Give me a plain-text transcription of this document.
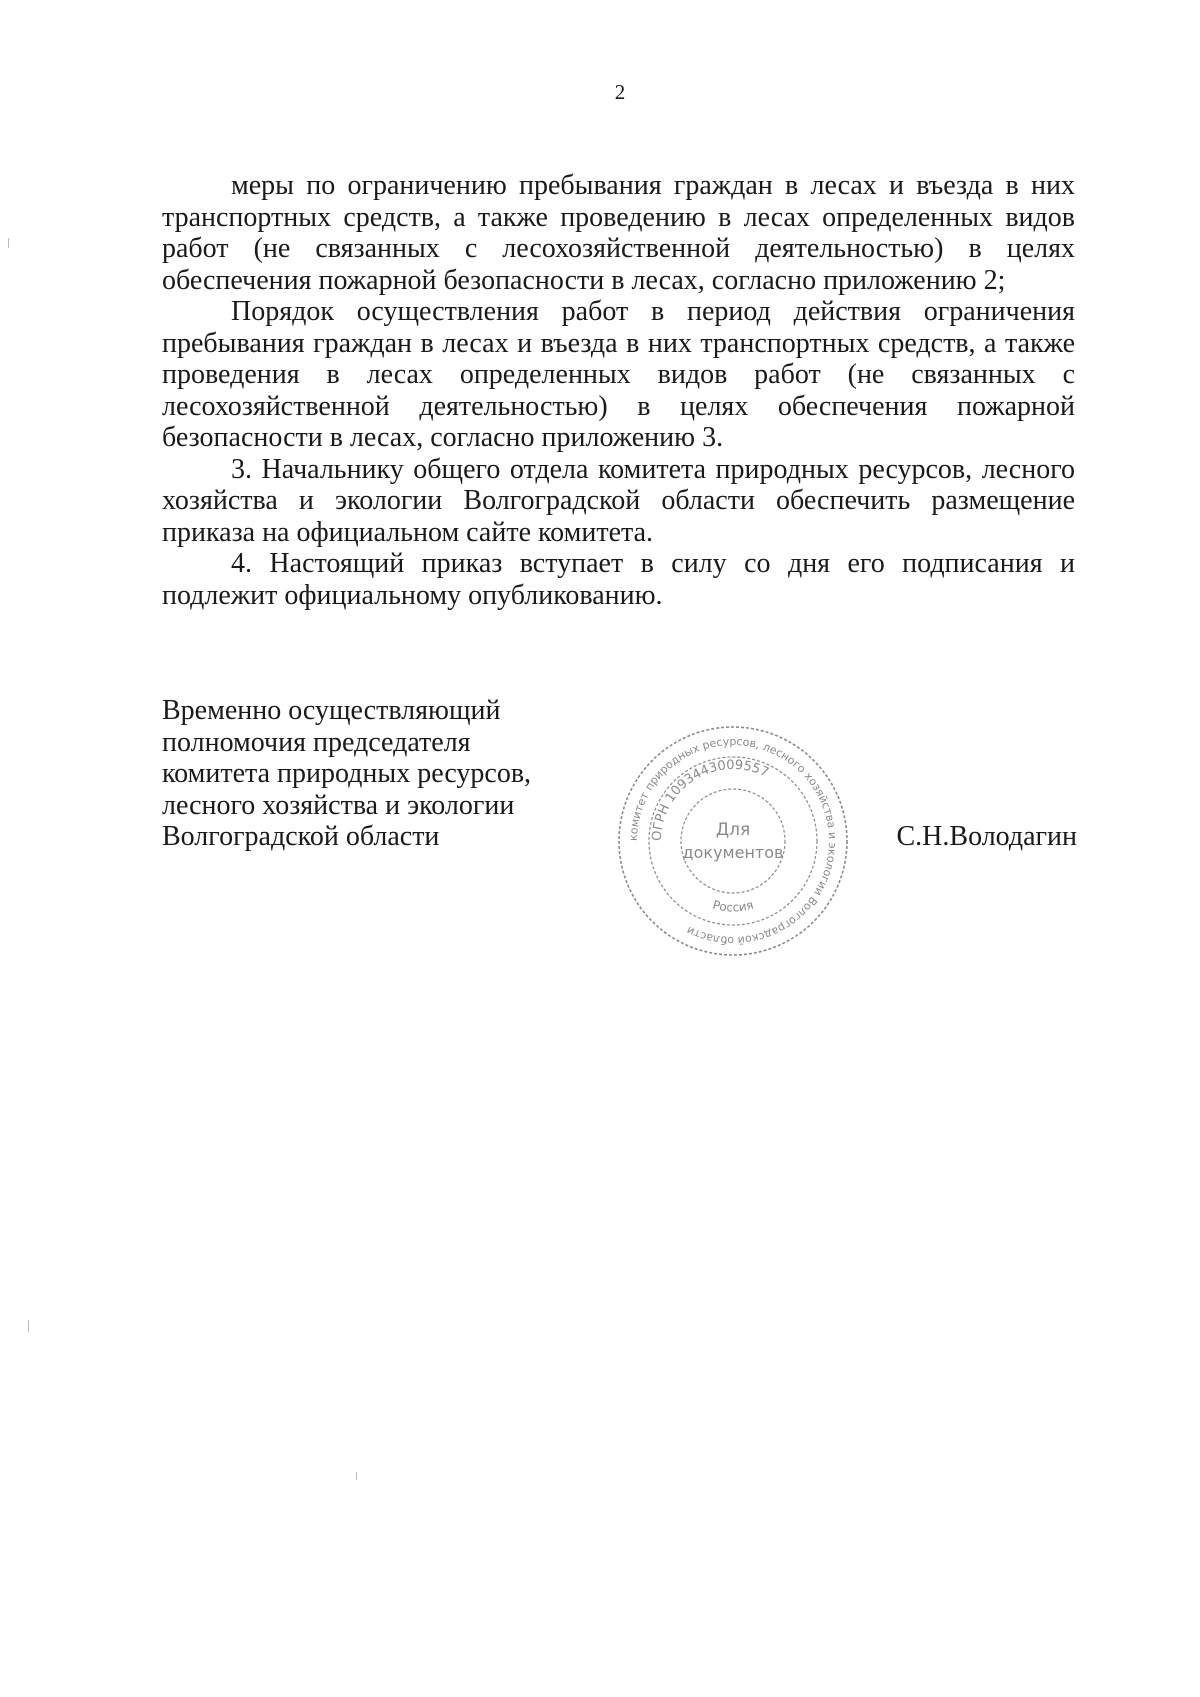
2

меры по ограничению пребывания граждан в лесах и въезда в них транспортных средств, а также проведению в лесах определенных видов работ (не связанных с лесохозяйственной деятельностью) в целях обеспечения пожарной безопасности в лесах, согласно приложению 2;

Порядок осуществления работ в период действия ограничения пребывания граждан в лесах и въезда в них транспортных средств, а также проведения в лесах определенных видов работ (не связанных с лесохозяйственной деятельностью) в целях обеспечения пожарной безопасности в лесах, согласно приложению 3.

3. Начальнику общего отдела комитета природных ресурсов, лесного хозяйства и экологии Волгоградской области обеспечить размещение приказа на официальном сайте комитета.

4. Настоящий приказ вступает в силу со дня его подписания и подлежит официальному опубликованию.

Временно осуществляющий
полномочия председателя
комитета природных ресурсов,
лесного хозяйства и экологии
Волгоградской области	С.Н.Володагин
комитет природных ресурсов, лесного хозяйства и экологии Волгоградской области
ОГРН 1093443009557
Россия
Для
документов
